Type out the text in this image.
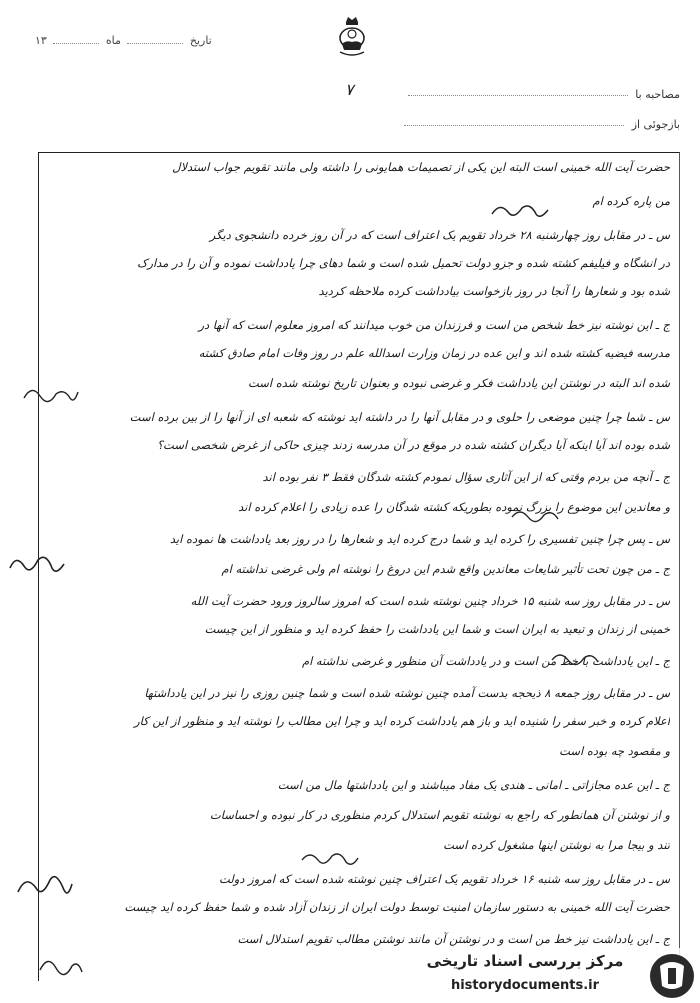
تاریخ  ماه  ۱۳
۷	مصاحبه با
بازجوئی از
حضرت آیت الله خمینی است البته این یکی از تصمیمات همایونی را داشته ولی مانند تقویم جواب استدلال
من پاره کرده ام
س ـ در مقابل روز چهارشنبه ۲۸ خرداد تقویم یک اعتراف است که در آن روز خرده دانشجوی دیگر
در انشگاه و فیلیفم کشته شده و جزو دولت تحمیل شده است و شما دهای چرا یادداشت نموده و آن را در مدارک
شده بود و شعارها را آنجا در روز بازخواست بیادداشت کرده ملاحظه کردید
ج ـ این نوشته نیز خط شخص من است و فرزندان من خوب میدانند که امروز معلوم است که آنها در
مدرسه فیضیه کشته شده اند و این عده در زمان وزارت اسدالله علم در روز وفات امام صادق کشته
شده اند البته در نوشتن این یادداشت فکر و غرضی نبوده و بعنوان تاریخ نوشته شده است
س ـ شما چرا چنین موضعی را حلوی و در مقابل آنها را در داشته اید نوشته که شعبه ای از آنها را از بین برده است
شده بوده اند آیا اینکه آیا دیگران کشته شده در موقع در آن مدرسه زدند چیزی حاکی از غرض شخصی است؟
ج ـ آنچه من بردم وقتی که از این آثاری سؤال نمودم کشته شدگان فقط ۳ نفر بوده اند
و معاندین این موضوع را بزرگ نموده بطوریکه کشته شدگان را عده زیادی را اعلام کرده اند
س ـ پس چرا چنین تفسیری را کرده اید و شما درج کرده اید و شعارها را در روز بعد یادداشت ها نموده اید
ج ـ من چون تحت تأثیر شایعات معاندین واقع شدم این دروغ را نوشته ام ولی غرضی نداشته ام
س ـ در مقابل روز سه شنبه ۱۵ خرداد چنین نوشته شده است که امروز سالروز ورود حضرت آیت الله
خمینی از زندان و تبعید به ایران است و شما این یادداشت را حفظ کرده اید و منظور از این چیست
ج ـ این یادداشت با خط من است و در یادداشت آن منظور و غرضی نداشته ام
س ـ در مقابل روز جمعه ۸ ذیحجه بدست آمده چنین نوشته شده است و شما چنین روزی را نیز در این یادداشتها
اعلام کرده و خبر سفر را شنیده اید و باز هم یادداشت کرده اید و چرا این مطالب را نوشته اید و منظور از این کار
و مقصود چه بوده است
ج ـ این عده مجازاتی ـ امانی ـ هندی یک مفاد میباشند و این یادداشتها مال من است
و از نوشتن آن همانطور که راجع به نوشته تقویم استدلال کردم منظوری در کار نبوده و احساسات
تند و بیجا مرا به نوشتن اینها مشغول کرده است
س ـ در مقابل روز سه شنبه ۱۶ خرداد تقویم یک اعتراف چنین نوشته شده است که امروز دولت
حضرت آیت الله خمینی به دستور سازمان امنیت توسط دولت ایران از زندان آزاد شده و شما حفظ کرده اید چیست
ج ـ این یادداشت نیز خط من است و در نوشتن آن مانند نوشتن مطالب تقویم استدلال است
مرکز بررسی اسناد تاریخی
historydocuments.ir
